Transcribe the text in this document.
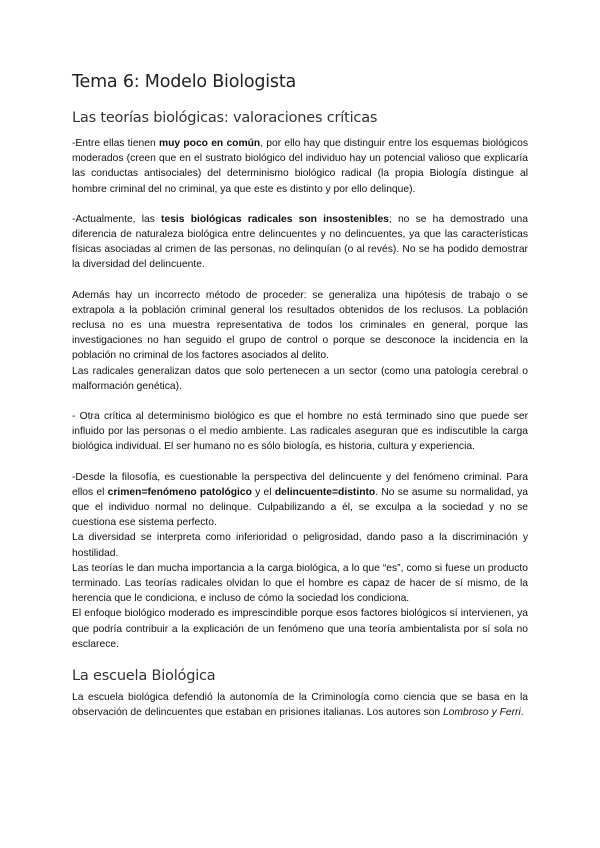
Tema 6: Modelo Biologista
Las teorías biológicas: valoraciones críticas

-Entre ellas tienen muy poco en común, por ello hay que distinguir entre los esquemas biológicos moderados (creen que en el sustrato biológico del individuo hay un potencial valioso que explicaría las conductas antisociales) del determinismo biológico radical (la propia Biología distingue al hombre criminal del no criminal, ya que este es distinto y por ello delinque).

-Actualmente, las tesis biológicas radicales son insostenibles; no se ha demostrado una diferencia de naturaleza biológica entre delincuentes y no delincuentes, ya que las características físicas asociadas al crimen de las personas, no delinquían (o al revés). No se ha podido demostrar la diversidad del delincuente.

Además hay un incorrecto método de proceder: se generaliza una hipótesis de trabajo o se extrapola a la población criminal general los resultados obtenidos de los reclusos. La población reclusa no es una muestra representativa de todos los criminales en general, porque las investigaciones no han seguido el grupo de control o porque se desconoce la incidencia en la población no criminal de los factores asociados al delito.

Las radicales generalizan datos que solo pertenecen a un sector (como una patología cerebral o malformación genética).

- Otra crítica al determinismo biológico es que el hombre no está terminado sino que puede ser influido por las personas o el medio ambiente. Las radicales aseguran que es indiscutible la carga biológica individual. El ser humano no es sólo biología, es historia, cultura y experiencia.

-Desde la filosofía, es cuestionable la perspectiva del delincuente y del fenómeno criminal. Para ellos el crimen=fenómeno patológico y el delincuente=distinto. No se asume su normalidad, ya que el individuo normal no delinque. Culpabilizando a él, se exculpa a la sociedad y no se cuestiona ese sistema perfecto.

La diversidad se interpreta como inferioridad o peligrosidad, dando paso a la discriminación y hostilidad.

Las teorías le dan mucha importancia a la carga biológica, a lo que “es”, como si fuese un producto terminado. Las teorías radicales olvidan lo que el hombre es capaz de hacer de sí mismo, de la herencia que le condiciona, e incluso de cómo la sociedad los condiciona.

El enfoque biológico moderado es imprescindible porque esos factores biológicos sí intervienen, ya que podría contribuir a la explicación de un fenómeno que una teoría ambientalista por sí sola no esclarece.

La escuela Biológica

La escuela biológica defendió la autonomía de la Criminología como ciencia que se basa en la observación de delincuentes que estaban en prisiones italianas. Los autores son Lombroso y Ferri.
